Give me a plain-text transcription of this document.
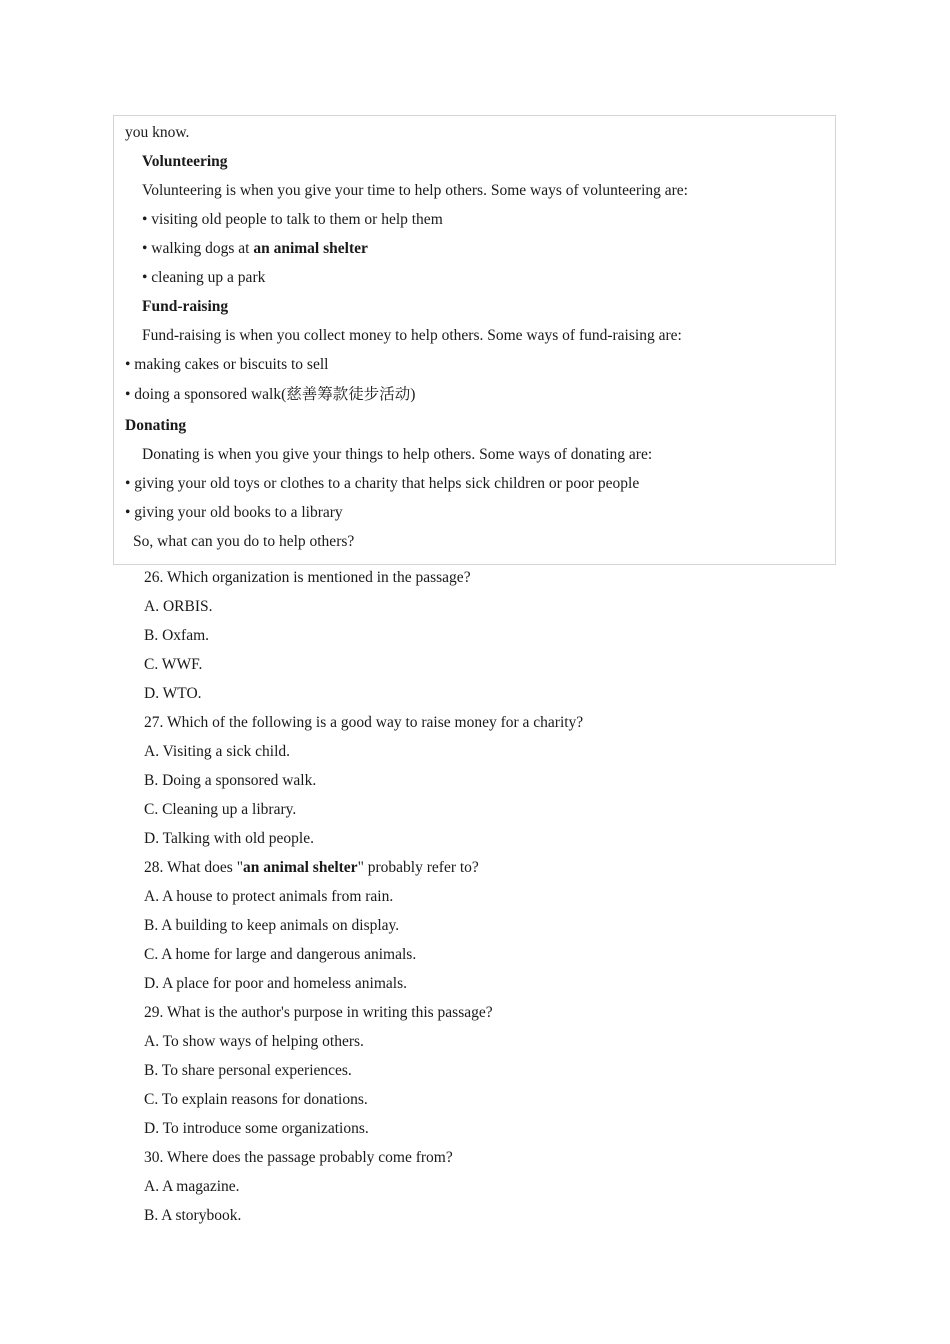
you know.
Volunteering
Volunteering is when you give your time to help others. Some ways of volunteering are:
• visiting old people to talk to them or help them
• walking dogs at an animal shelter
• cleaning up a park
Fund-raising
Fund-raising is when you collect money to help others. Some ways of fund-raising are:
• making cakes or biscuits to sell
• doing a sponsored walk(慈善筹款徒步活动)
Donating
Donating is when you give your things to help others. Some ways of donating are:
• giving your old toys or clothes to a charity that helps sick children or poor people
• giving your old books to a library
So, what can you do to help others?
26. Which organization is mentioned in the passage?
A. ORBIS.
B. Oxfam.
C. WWF.
D. WTO.
27. Which of the following is a good way to raise money for a charity?
A. Visiting a sick child.
B. Doing a sponsored walk.
C. Cleaning up a library.
D. Talking with old people.
28. What does "an animal shelter" probably refer to?
A. A house to protect animals from rain.
B. A building to keep animals on display.
C. A home for large and dangerous animals.
D. A place for poor and homeless animals.
29. What is the author's purpose in writing this passage?
A. To show ways of helping others.
B. To share personal experiences.
C. To explain reasons for donations.
D. To introduce some organizations.
30. Where does the passage probably come from?
A. A magazine.
B. A storybook.
